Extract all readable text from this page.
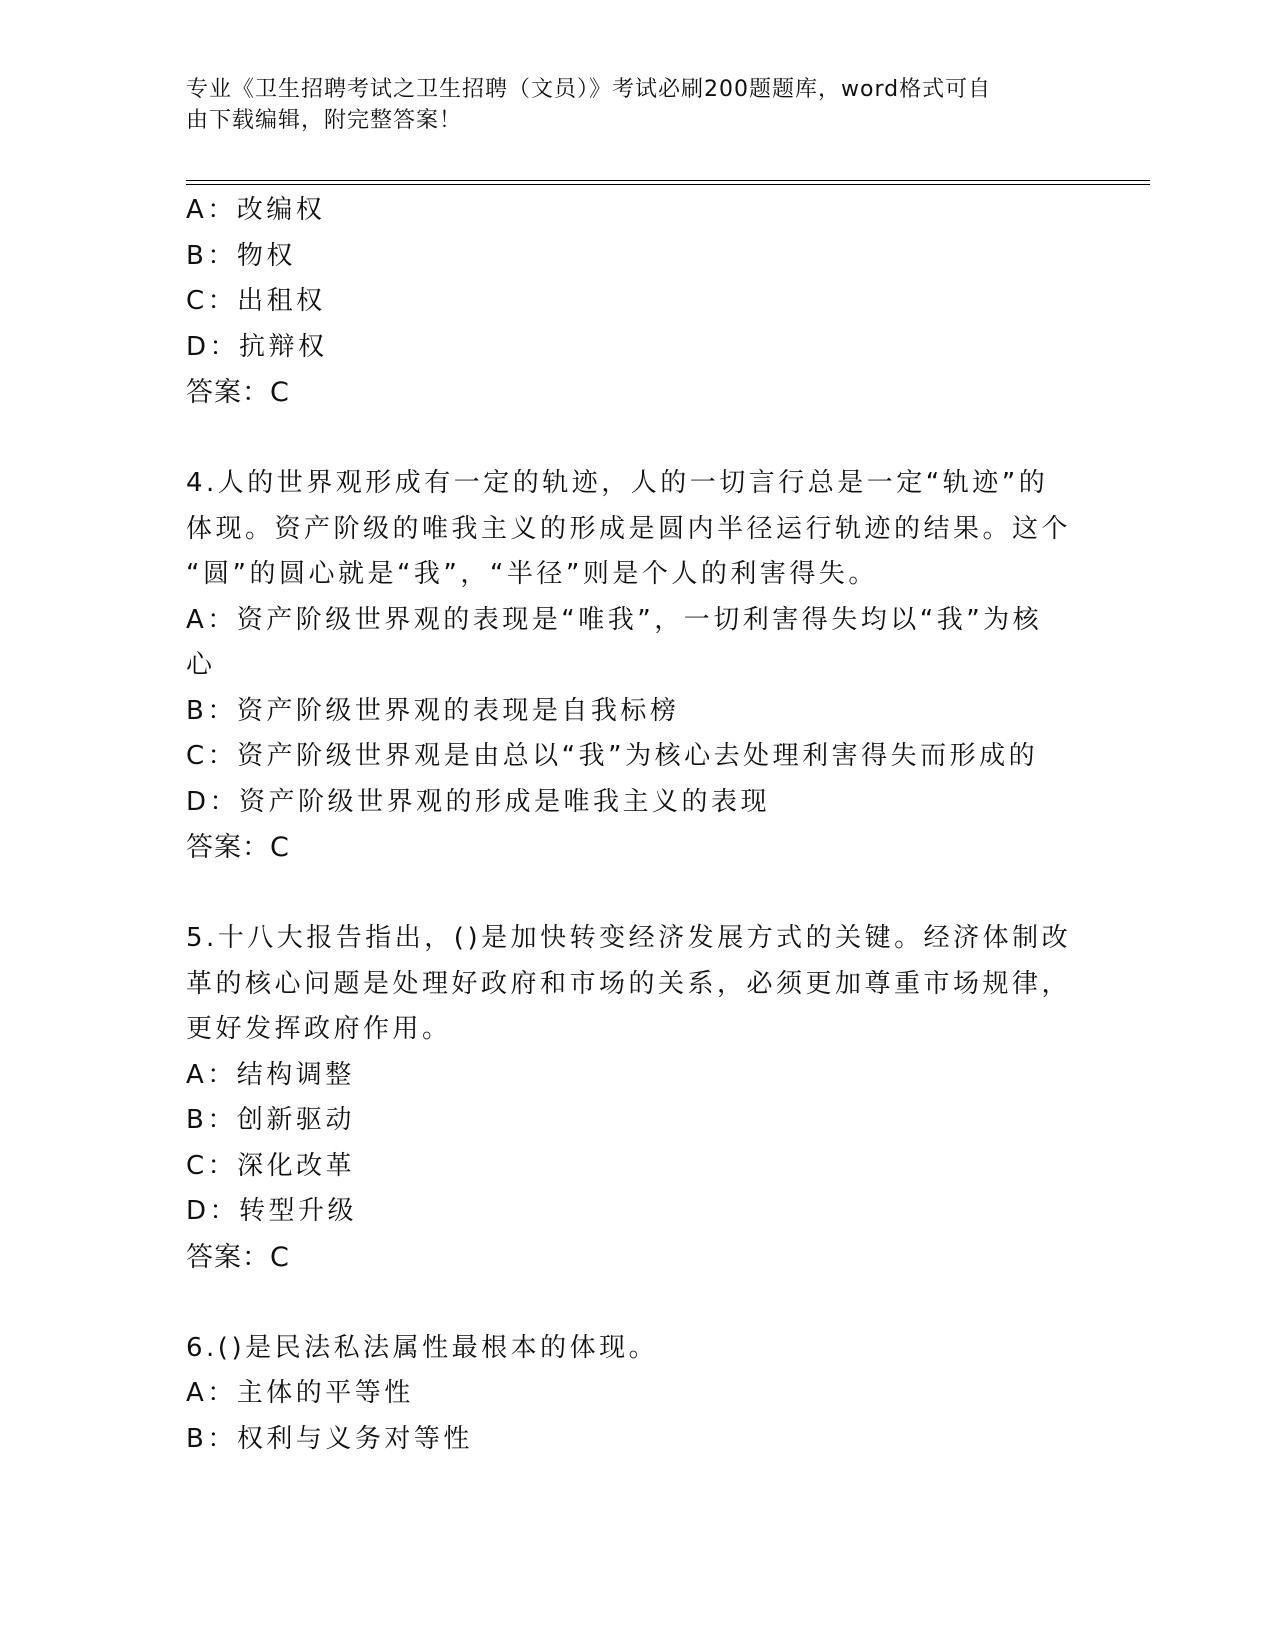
专业《卫生招聘考试之卫生招聘（文员）》考试必刷200题题库，word格式可自
由下载编辑，附完整答案！
A：改编权
B：物权
C：出租权
D：抗辩权
答案：C
4.人的世界观形成有一定的轨迹，人的一切言行总是一定“轨迹”的
体现。资产阶级的唯我主义的形成是圆内半径运行轨迹的结果。这个
“圆”的圆心就是“我”，“半径”则是个人的利害得失。
A：资产阶级世界观的表现是“唯我”，一切利害得失均以“我”为核
心
B：资产阶级世界观的表现是自我标榜
C：资产阶级世界观是由总以“我”为核心去处理利害得失而形成的
D：资产阶级世界观的形成是唯我主义的表现
答案：C
5.十八大报告指出，()是加快转变经济发展方式的关键。经济体制改
革的核心问题是处理好政府和市场的关系，必须更加尊重市场规律，
更好发挥政府作用。
A：结构调整
B：创新驱动
C：深化改革
D：转型升级
答案：C
6.()是民法私法属性最根本的体现。
A：主体的平等性
B：权利与义务对等性
